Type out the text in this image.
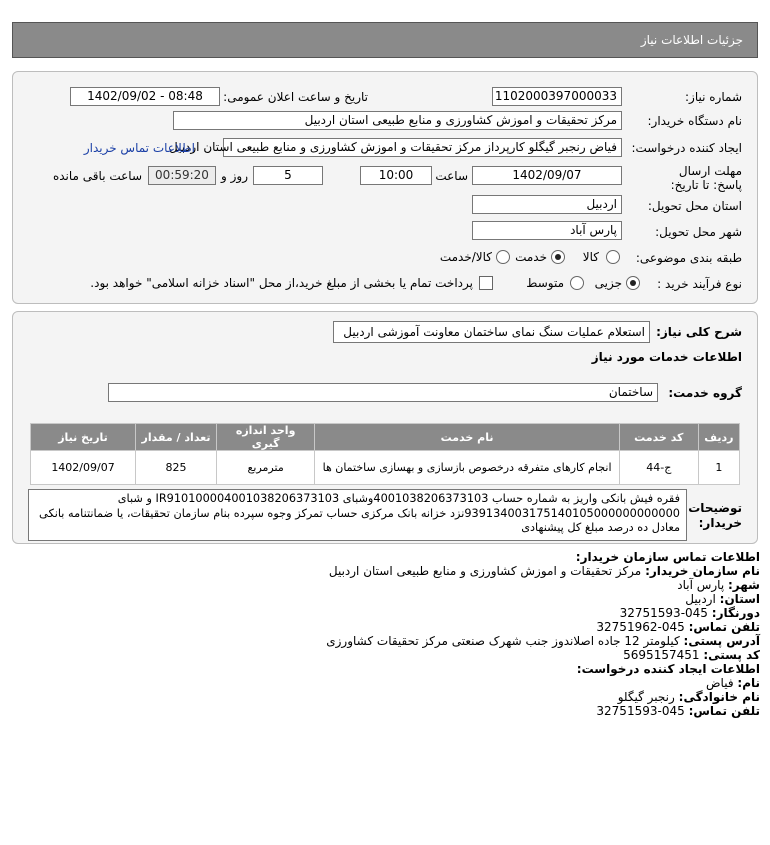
جزئیات اطلاعات نیاز
شماره نیاز:
1102000397000033
تاریخ و ساعت اعلان عمومی:
1402/09/02 - 08:48
نام دستگاه خریدار:
مرکز تحقیقات و اموزش کشاورزی و منابع طبیعی استان اردبیل
ایجاد کننده درخواست:
فیاض رنجبر گیگلو کارپرداز مرکز تحقیقات و اموزش کشاورزی و منابع طبیعی استان اردبیل
اطلاعات تماس خریدار
مهلت ارسال پاسخ: تا تاریخ:
1402/09/07
ساعت
10:00
5
روز و
00:59:20
ساعت باقی مانده
استان محل تحویل:
اردبیل
شهر محل تحویل:
پارس آباد
طبقه بندی موضوعی:
کالا
خدمت
کالا/خدمت
نوع فرآیند خرید :
جزیی
متوسط
پرداخت تمام یا بخشی از مبلغ خرید،از محل "اسناد خزانه اسلامی" خواهد بود.
شرح کلی نیاز:
استعلام عملیات سنگ نمای ساختمان معاونت آموزشی اردبیل
اطلاعات خدمات مورد نیاز
گروه خدمت:
ساختمان
ردیف	کد خدمت	نام خدمت	واحد اندازه گیری	تعداد / مقدار	تاریخ نیاز
1	ج-44	انجام کارهای متفرقه درخصوص بازسازی و بهسازی ساختمان ها	مترمربع	825	1402/09/07
توضیحات خریدار:
فقره فیش بانکی واریز به شماره حساب 4001038206373103وشبای IR910100004001038206373103 و شبای 939134003175140105000000000000نزد خزانه بانک مرکزی حساب تمرکز وجوه سپرده بنام سازمان تحقیقات، یا ضمانتنامه بانکی معادل ده درصد مبلغ کل پیشنهادی
اطلاعات تماس سازمان خریدار:
نام سازمان خریدار: مرکز تحقیقات و اموزش کشاورزی و منابع طبیعی استان اردبیل
شهر: پارس آباد
استان: اردبیل
دورنگار: 045-32751593
تلفن تماس: 045-32751962
آدرس پستی: کیلومتر 12 جاده اصلاندوز جنب شهرک صنعتی مرکز تحقیقات کشاورزی
کد پستی: 5695157451
اطلاعات ایجاد کننده درخواست:
نام: فیاض
نام خانوادگی: رنجبر گیگلو
تلفن تماس: 045-32751593
